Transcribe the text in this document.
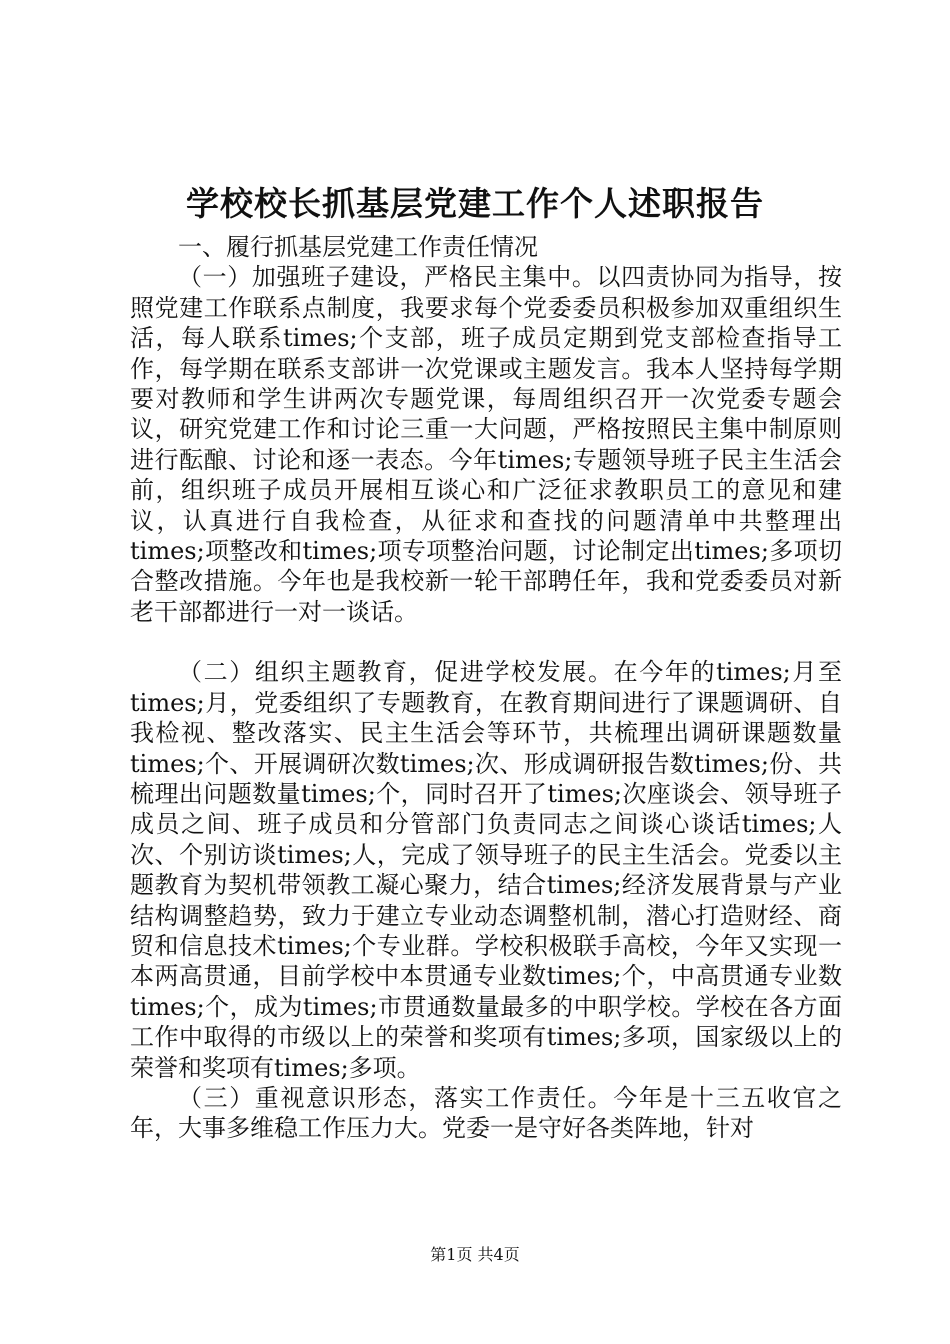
学校校长抓基层党建工作个人述职报告

一、履行抓基层党建工作责任情况

（一）加强班子建设，严格民主集中。以四责协同为指导，按照党建工作联系点制度，我要求每个党委委员积极参加双重组织生活，每人联系times;个支部，班子成员定期到党支部检查指导工作，每学期在联系支部讲一次党课或主题发言。我本人坚持每学期要对教师和学生讲两次专题党课，每周组织召开一次党委专题会议，研究党建工作和讨论三重一大问题，严格按照民主集中制原则进行酝酿、讨论和逐一表态。今年times;专题领导班子民主生活会前，组织班子成员开展相互谈心和广泛征求教职员工的意见和建议，认真进行自我检查，从征求和查找的问题清单中共整理出times;项整改和times;项专项整治问题，讨论制定出times;多项切合整改措施。今年也是我校新一轮干部聘任年，我和党委委员对新老干部都进行一对一谈话。

（二）组织主题教育，促进学校发展。在今年的times;月至times;月，党委组织了专题教育，在教育期间进行了课题调研、自我检视、整改落实、民主生活会等环节，共梳理出调研课题数量times;个、开展调研次数times;次、形成调研报告数times;份、共梳理出问题数量times;个，同时召开了times;次座谈会、领导班子成员之间、班子成员和分管部门负责同志之间谈心谈话times;人次、个别访谈times;人，完成了领导班子的民主生活会。党委以主题教育为契机带领教工凝心聚力，结合times;经济发展背景与产业结构调整趋势，致力于建立专业动态调整机制，潜心打造财经、商贸和信息技术times;个专业群。学校积极联手高校，今年又实现一本两高贯通，目前学校中本贯通专业数times;个，中高贯通专业数times;个，成为times;市贯通数量最多的中职学校。学校在各方面工作中取得的市级以上的荣誉和奖项有times;多项，国家级以上的荣誉和奖项有times;多项。

（三）重视意识形态，落实工作责任。今年是十三五收官之年，大事多维稳工作压力大。党委一是守好各类阵地，针对

第1页 共4页
